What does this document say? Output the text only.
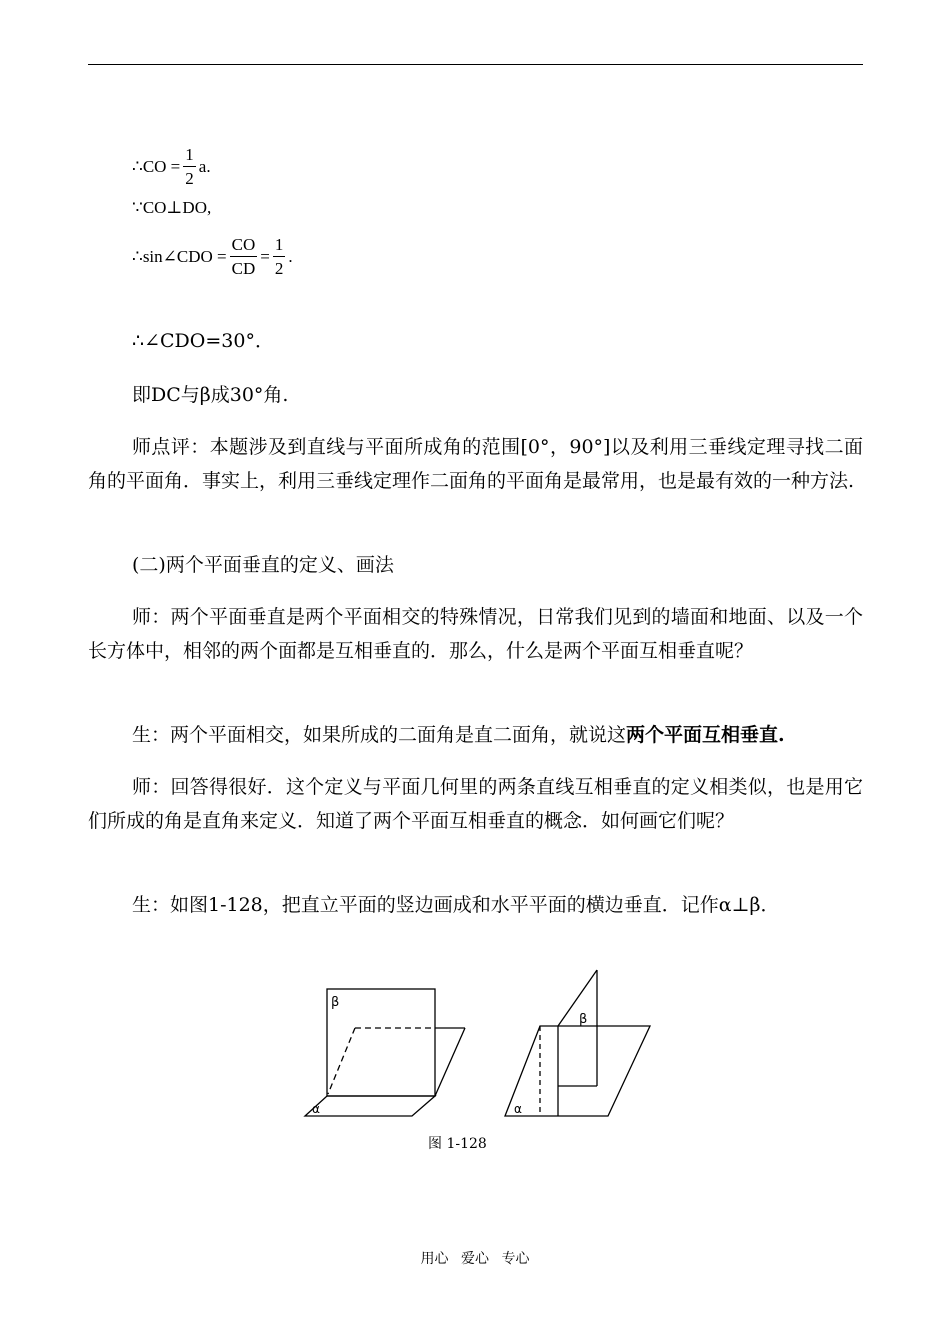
∴CO = $\frac{1}{2} a$.
∵CO⊥DO,
∴sin∠CDO = $\frac{CO}{CD} = \frac{1}{2}$ .

∴∠CDO=30°．

即DC与β成30°角.

师点评：本题涉及到直线与平面所成角的范围[0°，90°]以及利用三垂线定理寻找二面角的平面角．事实上，利用三垂线定理作二面角的平面角是最常用，也是最有效的一种方法.

(二)两个平面垂直的定义、画法

师：两个平面垂直是两个平面相交的特殊情况，日常我们见到的墙面和地面、以及一个长方体中，相邻的两个面都是互相垂直的．那么，什么是两个平面互相垂直呢？

生：两个平面相交，如果所成的二面角是直二面角，就说这两个平面互相垂直.

师：回答得很好．这个定义与平面几何里的两条直线互相垂直的定义相类似，也是用它们所成的角是直角来定义．知道了两个平面互相垂直的概念．如何画它们呢？

生：如图1-128，把直立平面的竖边画成和水平平面的横边垂直．记作α⊥β．

β
α
β
α
图 1-128
用心 爱心 专心
